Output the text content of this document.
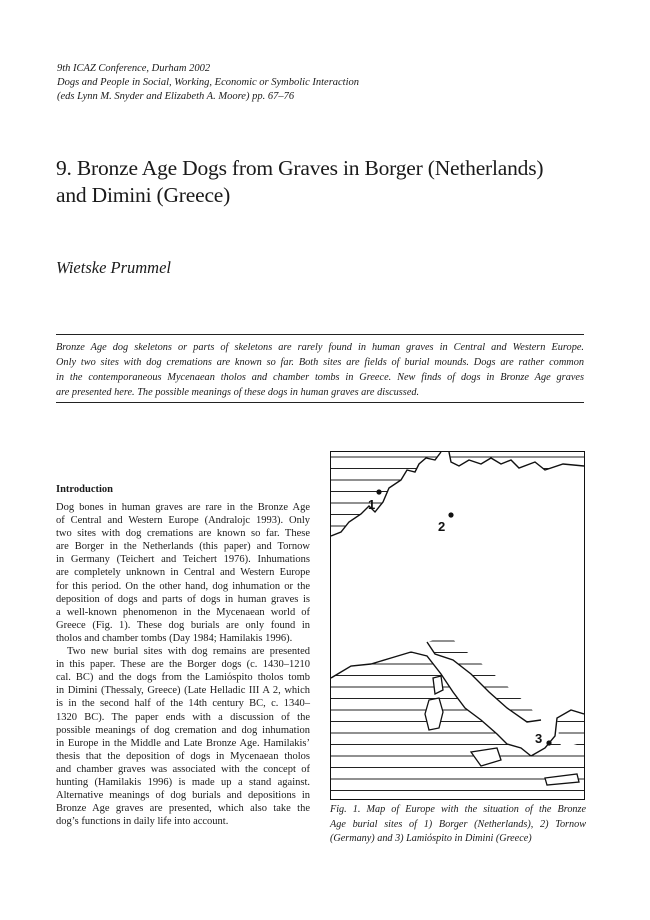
9th ICAZ Conference, Durham 2002
Dogs and People in Social, Working, Economic or Symbolic Interaction
(eds Lynn M. Snyder and Elizabeth A. Moore) pp. 67–76
9. Bronze Age Dogs from Graves in Borger (Netherlands)
and Dimini (Greece)
Wietske Prummel
Bronze Age dog skeletons or parts of skeletons are rarely found in human graves in Central and Western Europe.
Only two sites with dog cremations are known so far. Both sites are fields of burial mounds. Dogs are rather common
in the contemporaneous Mycenaean tholos and chamber tombs in Greece. New finds of dogs in Bronze Age graves
are presented here. The possible meanings of these dogs in human graves are discussed.
Introduction
Dog bones in human graves are rare in the Bronze Age
of Central and Western Europe (Andralojc 1993). Only
two sites with dog cremations are known so far. These
are Borger in the Netherlands (this paper) and Tornow
in Germany (Teichert and Teichert 1976). Inhumations
are completely unknown in Central and Western Europe
for this period. On the other hand, dog inhumation or the
deposition of dogs and parts of dogs in human graves is
a well-known phenomenon in the Mycenaean world of
Greece (Fig. 1). These dog burials are only found in
tholos and chamber tombs (Day 1984; Hamilakis 1996).
Two new burial sites with dog remains are presented
in this paper. These are the Borger dogs (c. 1430–1210
cal. BC) and the dogs from the Lamiόspito tholos tomb
in Dimini (Thessaly, Greece) (Late Helladic III A 2, which
is in the second half of the 14th century BC, c. 1340–
1320 BC). The paper ends with a discussion of the
possible meanings of dog cremation and dog inhumation
in Europe in the Middle and Late Bronze Age. Hamilakis’
thesis that the deposition of dogs in Mycenaean tholos
and chamber graves was associated with the concept of
hunting (Hamilakis 1996) is made up a stand against.
Alternative meanings of dog burials and depositions in
Bronze Age graves are presented, which also take the
dog’s functions in daily life into account.
1
2
3
Fig. 1. Map of Europe with the situation of the Bronze
Age burial sites of 1) Borger (Netherlands), 2) Tornow
(Germany) and 3) Lamiόspito in Dimini (Greece)
